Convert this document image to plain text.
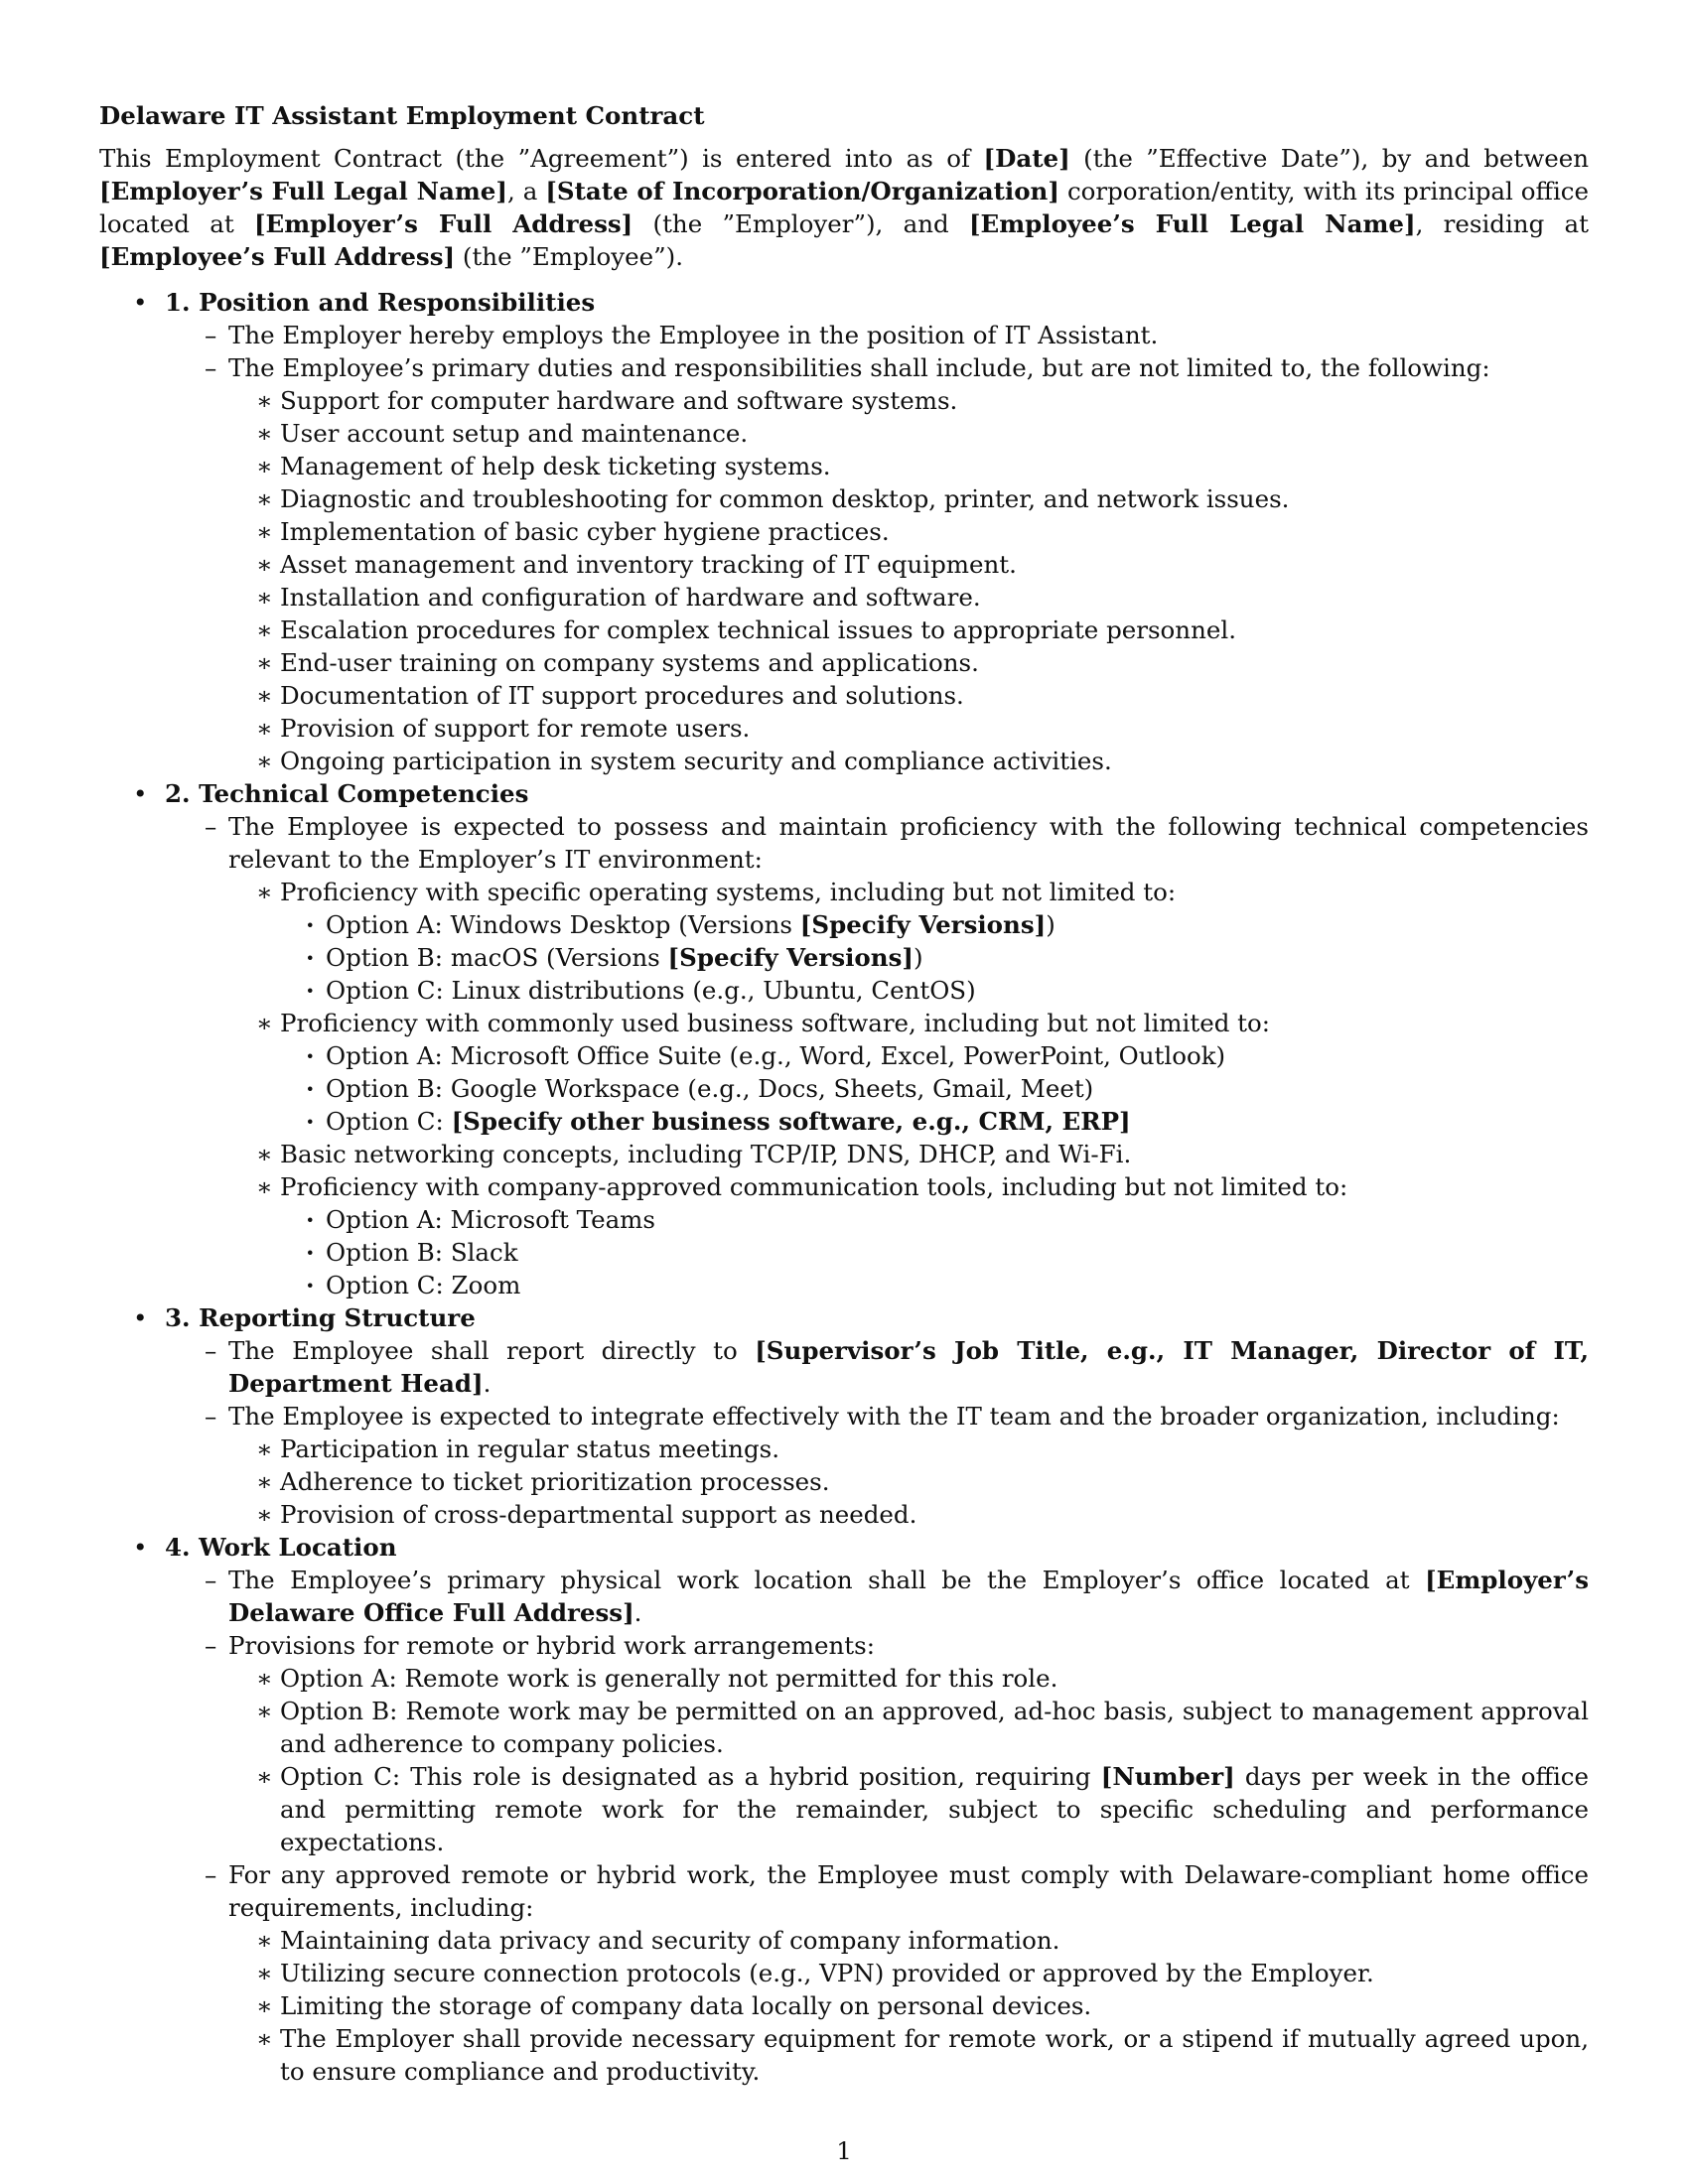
Delaware IT Assistant Employment Contract

This Employment Contract (the ”Agreement”) is entered into as of [Date] (the ”Effective Date”), by and between [Employer’s Full Legal Name], a [State of Incorporation/Organization] corporation/entity, with its principal office located at [Employer’s Full Address] (the ”Employer”), and [Employee’s Full Legal Name], residing at [Employee’s Full Address] (the ”Employee”).

• 1. Position and Responsibilities
– The Employer hereby employs the Employee in the position of IT Assistant.
– The Employee’s primary duties and responsibilities shall include, but are not limited to, the following:
∗ Support for computer hardware and software systems.
∗ User account setup and maintenance.
∗ Management of help desk ticketing systems.
∗ Diagnostic and troubleshooting for common desktop, printer, and network issues.
∗ Implementation of basic cyber hygiene practices.
∗ Asset management and inventory tracking of IT equipment.
∗ Installation and configuration of hardware and software.
∗ Escalation procedures for complex technical issues to appropriate personnel.
∗ End-user training on company systems and applications.
∗ Documentation of IT support procedures and solutions.
∗ Provision of support for remote users.
∗ Ongoing participation in system security and compliance activities.
• 2. Technical Competencies
– The Employee is expected to possess and maintain proficiency with the following technical competencies relevant to the Employer’s IT environment:
∗ Proficiency with specific operating systems, including but not limited to:
· Option A: Windows Desktop (Versions [Specify Versions])
· Option B: macOS (Versions [Specify Versions])
· Option C: Linux distributions (e.g., Ubuntu, CentOS)
∗ Proficiency with commonly used business software, including but not limited to:
· Option A: Microsoft Office Suite (e.g., Word, Excel, PowerPoint, Outlook)
· Option B: Google Workspace (e.g., Docs, Sheets, Gmail, Meet)
· Option C: [Specify other business software, e.g., CRM, ERP]
∗ Basic networking concepts, including TCP/IP, DNS, DHCP, and Wi-Fi.
∗ Proficiency with company-approved communication tools, including but not limited to:
· Option A: Microsoft Teams
· Option B: Slack
· Option C: Zoom
• 3. Reporting Structure
– The Employee shall report directly to [Supervisor’s Job Title, e.g., IT Manager, Director of IT, Department Head].
– The Employee is expected to integrate effectively with the IT team and the broader organization, including:
∗ Participation in regular status meetings.
∗ Adherence to ticket prioritization processes.
∗ Provision of cross-departmental support as needed.
• 4. Work Location
– The Employee’s primary physical work location shall be the Employer’s office located at [Employer’s Delaware Office Full Address].
– Provisions for remote or hybrid work arrangements:
∗ Option A: Remote work is generally not permitted for this role.
∗ Option B: Remote work may be permitted on an approved, ad-hoc basis, subject to management approval and adherence to company policies.
∗ Option C: This role is designated as a hybrid position, requiring [Number] days per week in the office and permitting remote work for the remainder, subject to specific scheduling and performance expectations.
– For any approved remote or hybrid work, the Employee must comply with Delaware-compliant home office requirements, including:
∗ Maintaining data privacy and security of company information.
∗ Utilizing secure connection protocols (e.g., VPN) provided or approved by the Employer.
∗ Limiting the storage of company data locally on personal devices.
∗ The Employer shall provide necessary equipment for remote work, or a stipend if mutually agreed upon, to ensure compliance and productivity.
1
